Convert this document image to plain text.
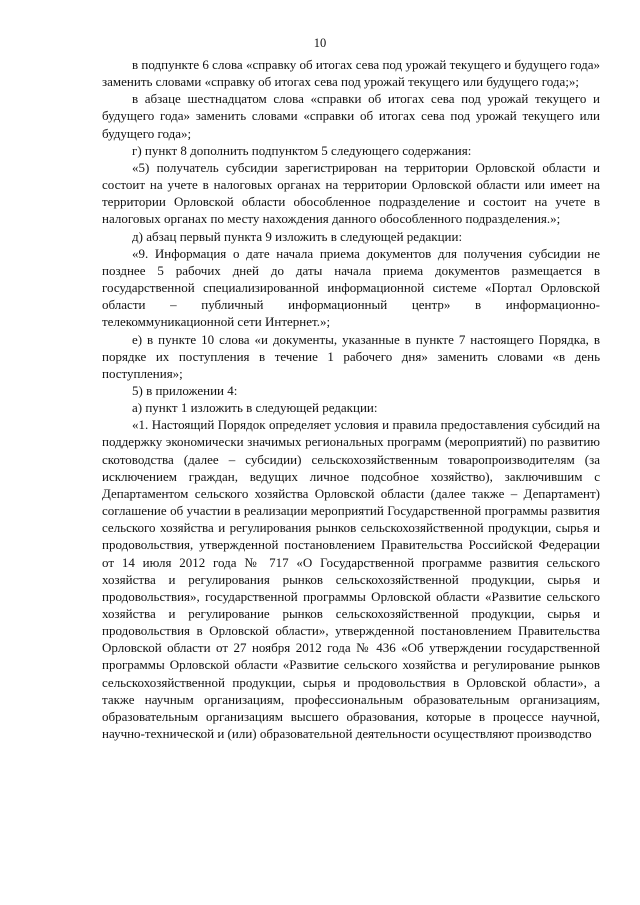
10

в подпункте 6 слова «справку об итогах сева под урожай текущего и будущего года» заменить словами «справку об итогах сева под урожай текущего или будущего года;»;

в абзаце шестнадцатом слова «справки об итогах сева под урожай текущего и будущего года» заменить словами «справки об итогах сева под урожай текущего или будущего года»;

г) пункт 8 дополнить подпунктом 5 следующего содержания:

«5) получатель субсидии зарегистрирован на территории Орловской области и состоит на учете в налоговых органах на территории Орловской области или имеет на территории Орловской области обособленное подразделение и состоит на учете в налоговых органах по месту нахождения данного обособленного подразделения.»;

д) абзац первый пункта 9 изложить в следующей редакции:

«9. Информация о дате начала приема документов для получения субсидии не позднее 5 рабочих дней до даты начала приема документов размещается в государственной специализированной информационной системе «Портал Орловской области – публичный информационный центр» в информационно-телекоммуникационной сети Интернет.»;

е) в пункте 10 слова «и документы, указанные в пункте 7 настоящего Порядка, в порядке их поступления в течение 1 рабочего дня» заменить словами «в день поступления»;

5) в приложении 4:

а) пункт 1 изложить в следующей редакции:

«1. Настоящий Порядок определяет условия и правила предоставления субсидий на поддержку экономически значимых региональных программ (мероприятий) по развитию скотоводства (далее – субсидии) сельскохозяйственным товаропроизводителям (за исключением граждан, ведущих личное подсобное хозяйство), заключившим с Департаментом сельского хозяйства Орловской области (далее также – Департамент) соглашение об участии в реализации мероприятий Государственной программы развития сельского хозяйства и регулирования рынков сельскохозяйственной продукции, сырья и продовольствия, утвержденной постановлением Правительства Российской Федерации от 14 июля 2012 года № 717 «О Государственной программе развития сельского хозяйства и регулирования рынков сельскохозяйственной продукции, сырья и продовольствия», государственной программы Орловской области «Развитие сельского хозяйства и регулирование рынков сельскохозяйственной продукции, сырья и продовольствия в Орловской области», утвержденной постановлением Правительства Орловской области от 27 ноября 2012 года № 436 «Об утверждении государственной программы Орловской области «Развитие сельского хозяйства и регулирование рынков сельскохозяйственной продукции, сырья и продовольствия в Орловской области», а также научным организациям, профессиональным образовательным организациям, образовательным организациям высшего образования, которые в процессе научной, научно-технической и (или) образовательной деятельности осуществляют производство
